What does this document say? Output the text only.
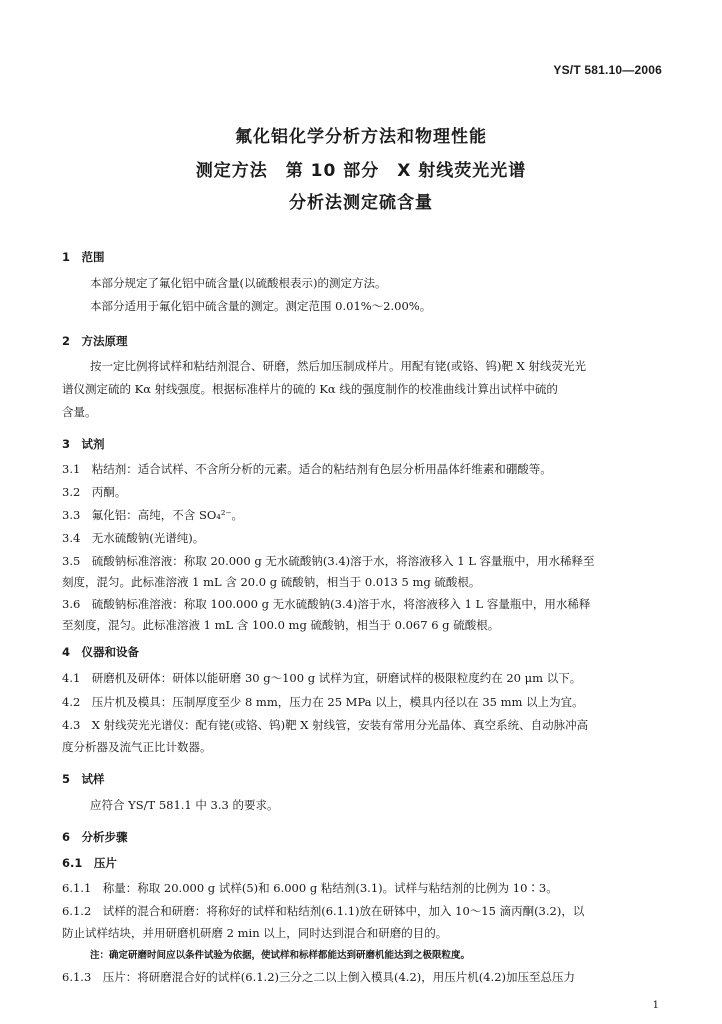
YS/T 581.10—2006
氟化铝化学分析方法和物理性能
测定方法　第 10 部分　X 射线荧光光谱
分析法测定硫含量
1　范围
本部分规定了氟化铝中硫含量(以硫酸根表示)的测定方法。
本部分适用于氟化铝中硫含量的测定。测定范围 0.01%～2.00%。
2　方法原理
按一定比例将试样和粘结剂混合、研磨，然后加压制成样片。用配有铑(或铬、钨)靶 X 射线荧光光
谱仪测定硫的 Kα 射线强度。根据标准样片的硫的 Kα 线的强度制作的校准曲线计算出试样中硫的
含量。
3　试剂
3.1　粘结剂：适合试样、不含所分析的元素。适合的粘结剂有色层分析用晶体纤维素和硼酸等。
3.2　丙酮。
3.3　氟化铝：高纯，不含 SO₄²⁻。
3.4　无水硫酸钠(光谱纯)。
3.5　硫酸钠标准溶液：称取 20.000 g 无水硫酸钠(3.4)溶于水，将溶液移入 1 L 容量瓶中，用水稀释至
刻度，混匀。此标准溶液 1 mL 含 20.0 g 硫酸钠，相当于 0.013 5 mg 硫酸根。
3.6　硫酸钠标准溶液：称取 100.000 g 无水硫酸钠(3.4)溶于水，将溶液移入 1 L 容量瓶中，用水稀释
至刻度，混匀。此标准溶液 1 mL 含 100.0 mg 硫酸钠，相当于 0.067 6 g 硫酸根。
4　仪器和设备
4.1　研磨机及研体：研体以能研磨 30 g～100 g 试样为宜，研磨试样的极限粒度约在 20 μm 以下。
4.2　压片机及模具：压制厚度至少 8 mm，压力在 25 MPa 以上，模具内径以在 35 mm 以上为宜。
4.3　X 射线荧光光谱仪：配有铑(或铬、钨)靶 X 射线管，安装有常用分光晶体、真空系统、自动脉冲高
度分析器及流气正比计数器。
5　试样
应符合 YS/T 581.1 中 3.3 的要求。
6　分析步骤
6.1　压片
6.1.1　称量：称取 20.000 g 试样(5)和 6.000 g 粘结剂(3.1)。试样与粘结剂的比例为 10∶3。
6.1.2　试样的混合和研磨：将称好的试样和粘结剂(6.1.1)放在研钵中，加入 10～15 滴丙酮(3.2)，以
防止试样结块，并用研磨机研磨 2 min 以上，同时达到混合和研磨的目的。
注：确定研磨时间应以条件试验为依据，使试样和标样都能达到研磨机能达到之极限粒度。
6.1.3　压片：将研磨混合好的试样(6.1.2)三分之二以上倒入模具(4.2)，用压片机(4.2)加压至总压力
1
